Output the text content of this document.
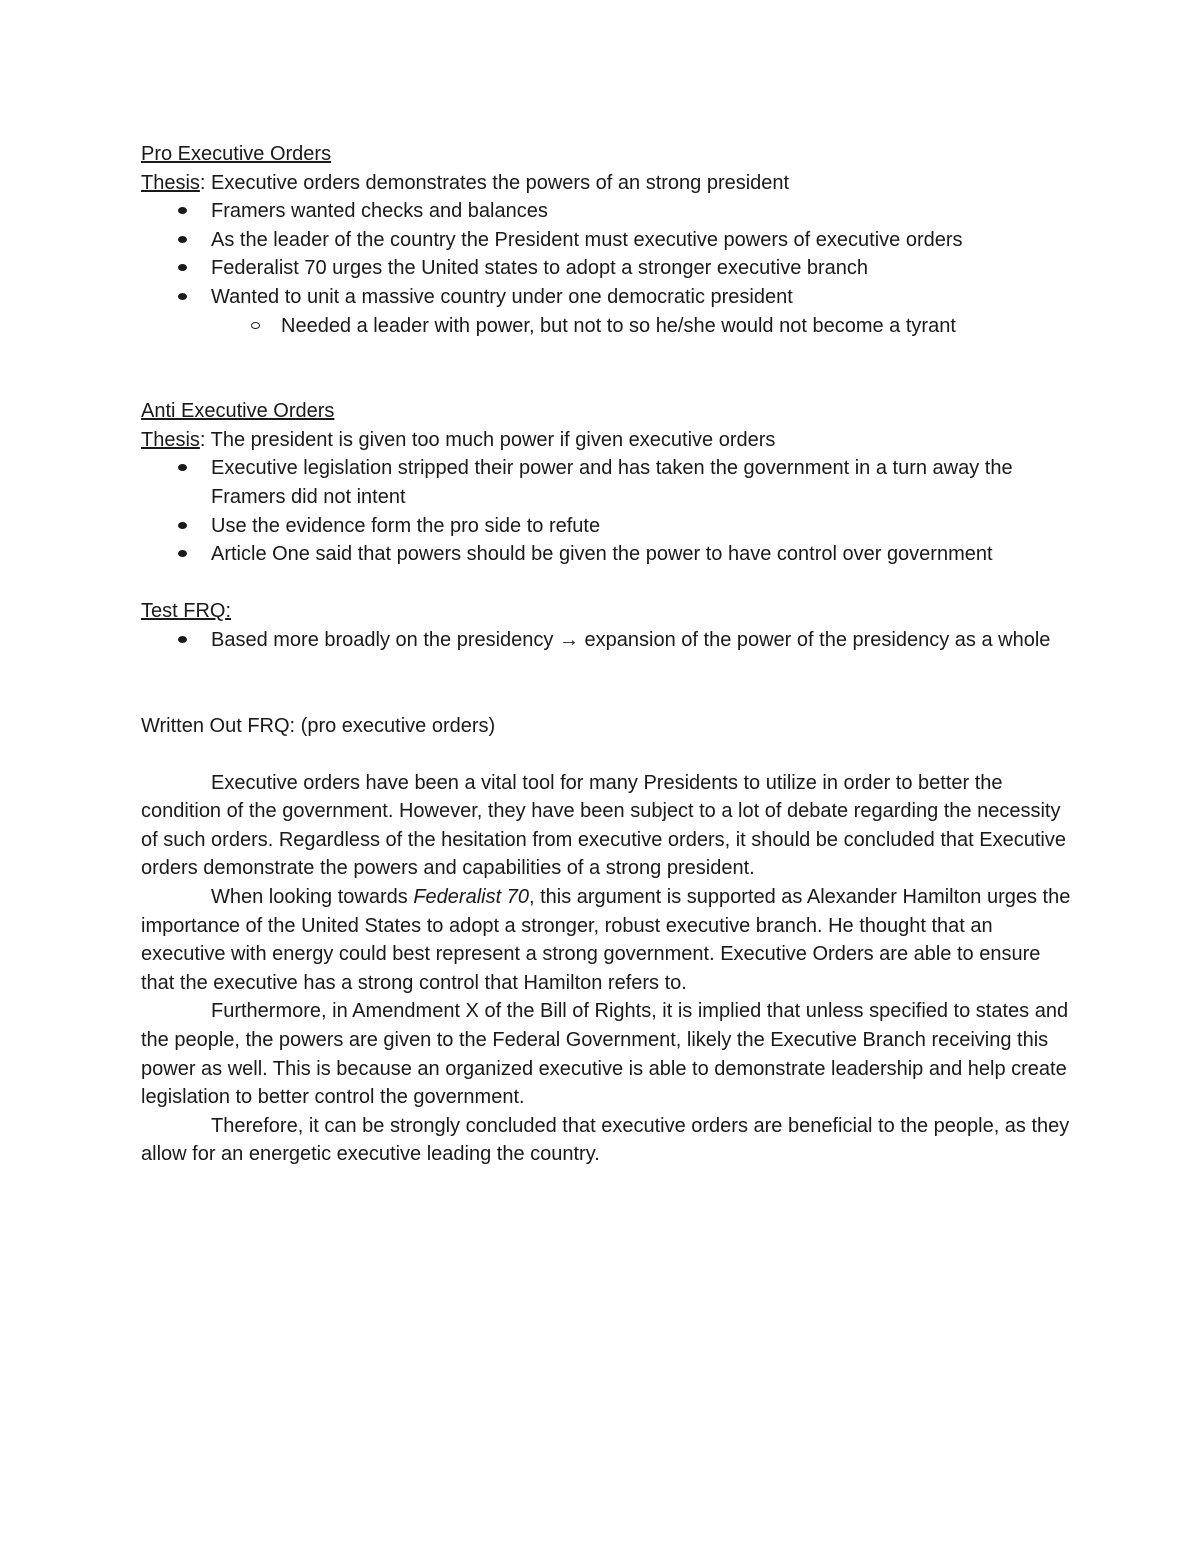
Pro Executive Orders

Thesis: Executive orders demonstrates the powers of an strong president

Framers wanted checks and balances
As the leader of the country the President must executive powers of executive orders
Federalist 70 urges the United states to adopt a stronger executive branch
Wanted to unit a massive country under one democratic president
Needed a leader with power, but not to so he/she would not become a tyrant

Anti Executive Orders

Thesis: The president is given too much power if given executive orders

Executive legislation stripped their power and has taken the government in a turn away the Framers did not intent
Use the evidence form the pro side to refute
Article One said that powers should be given the power to have control over government

Test FRQ:

Based more broadly on the presidency → expansion of the power of the presidency as a whole

Written Out FRQ: (pro executive orders)

Executive orders have been a vital tool for many Presidents to utilize in order to better the condition of the government. However, they have been subject to a lot of debate regarding the necessity of such orders. Regardless of the hesitation from executive orders, it should be concluded that Executive orders demonstrate the powers and capabilities of a strong president.

When looking towards Federalist 70, this argument is supported as Alexander Hamilton urges the importance of the United States to adopt a stronger, robust executive branch. He thought that an executive with energy could best represent a strong government. Executive Orders are able to ensure that the executive has a strong control that Hamilton refers to.

Furthermore, in Amendment X of the Bill of Rights, it is implied that unless specified to states and the people, the powers are given to the Federal Government, likely the Executive Branch receiving this power as well. This is because an organized executive is able to demonstrate leadership and help create legislation to better control the government.

Therefore, it can be strongly concluded that executive orders are beneficial to the people, as they allow for an energetic executive leading the country.
